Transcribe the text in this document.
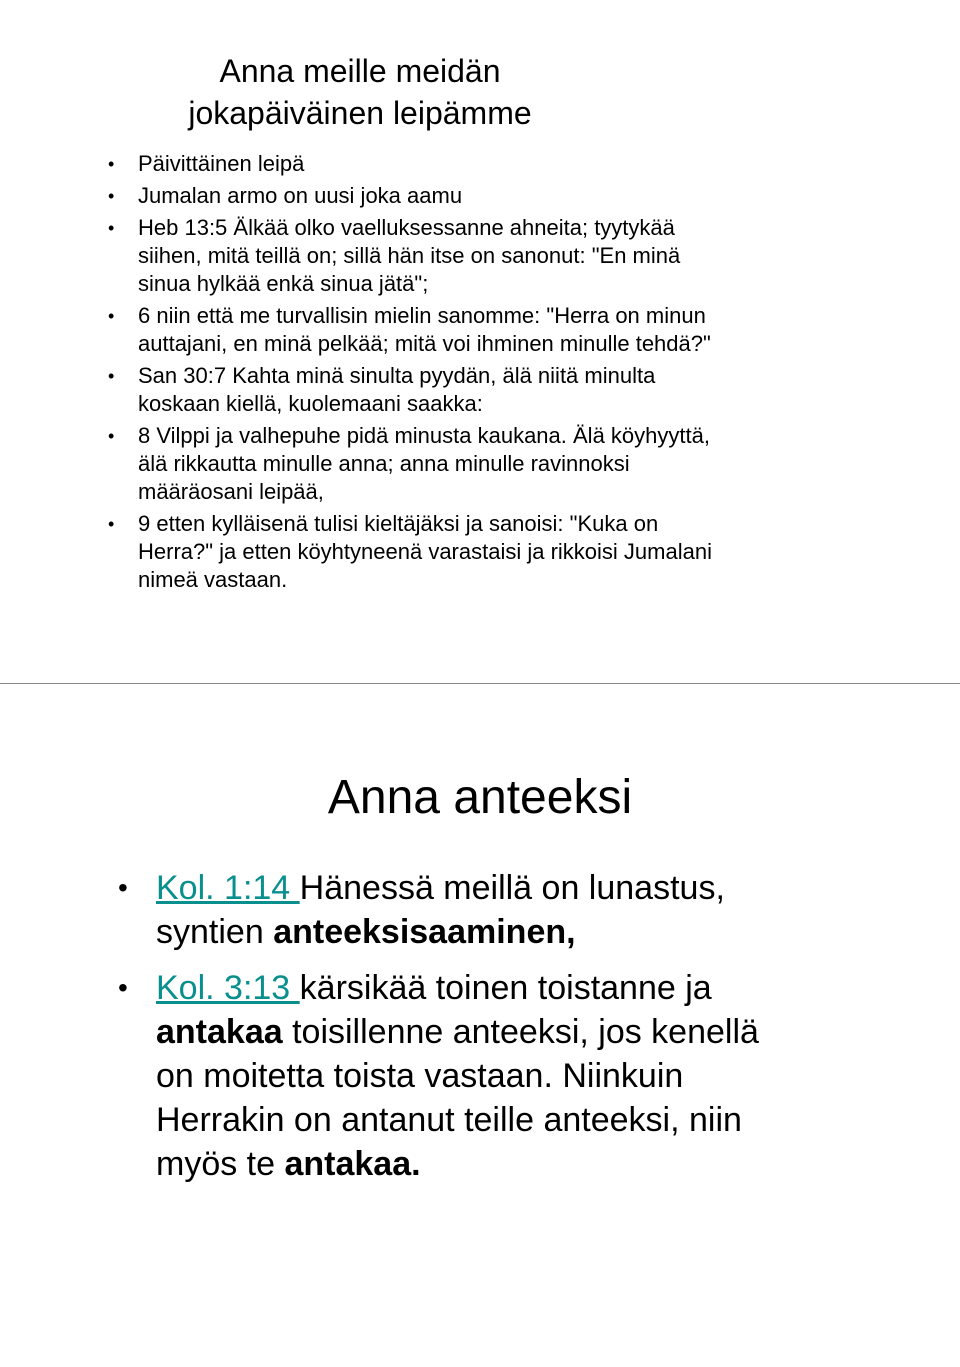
Anna meille meidän
jokapäiväinen leipämme
• Päivittäinen leipä
• Jumalan armo on uusi joka aamu
• Heb 13:5 Älkää olko vaelluksessanne ahneita; tyytykää
siihen, mitä teillä on; sillä hän itse on sanonut: "En minä
sinua hylkää enkä sinua jätä";
• 6 niin että me turvallisin mielin sanomme: "Herra on minun
auttajani, en minä pelkää; mitä voi ihminen minulle tehdä?"
• San 30:7 Kahta minä sinulta pyydän, älä niitä minulta
koskaan kiellä, kuolemaani saakka:
• 8 Vilppi ja valhepuhe pidä minusta kaukana. Älä köyhyyttä,
älä rikkautta minulle anna; anna minulle ravinnoksi
määräosani leipää,
• 9 etten kylläisenä tulisi kieltäjäksi ja sanoisi: "Kuka on
Herra?" ja etten köyhtyneenä varastaisi ja rikkoisi Jumalani
nimeä vastaan.
Anna anteeksi
• Kol. 1:14 Hänessä meillä on lunastus,
syntien anteeksisaaminen,
• Kol. 3:13 kärsikää toinen toistanne ja
antakaa toisillenne anteeksi, jos kenellä
on moitetta toista vastaan. Niinkuin
Herrakin on antanut teille anteeksi, niin
myös te antakaa.
